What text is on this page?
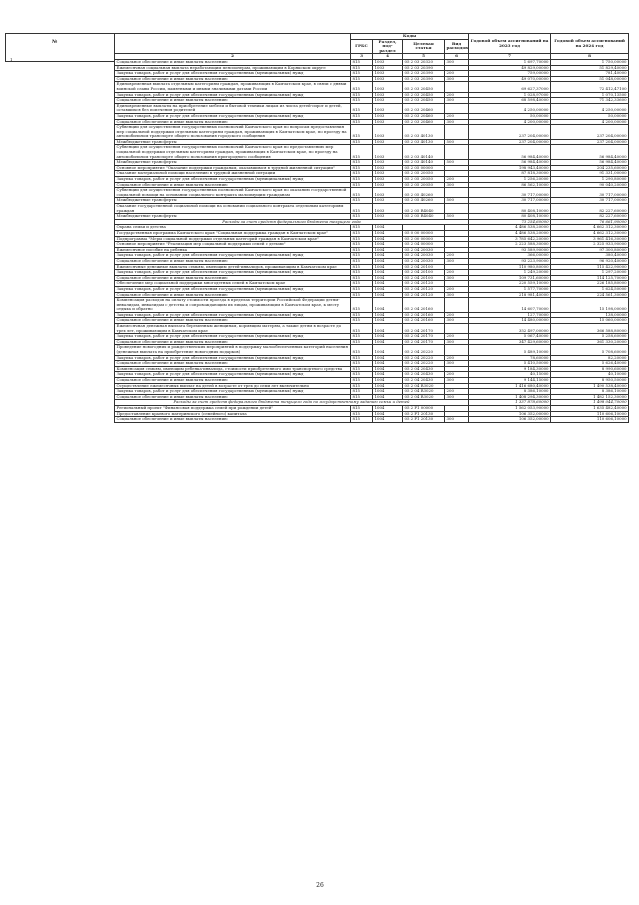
№
1
	Коды				Годовой объем ассигнований на 2023 год	Годовой объем ассигнований на 2024 год
	ГРБС	Раздел, под-раздел	Целевая статья	Вид расходов		
2	3	4	5	6	7	8
Социальное обеспечение и иные выплаты населению	815	1003	05 2 03 20320	300	1 697,70000	1 750,00000
Ежемесячная социальная выплата неработающим пенсионерам, проживающим в Корякском округе	815	1003	05 2 03 20390		49 829,00000	51 829,40000
Закупка товаров, работ и услуг для обеспечения государственных (муниципальных) нужд	815	1003	05 2 03 20390	200	759,00000	781,40000
Социальное обеспечение и иные выплаты населению	815	1003	05 2 03 20390	300	49 070,00000	51 048,00000
Единовременная выплата отдельным категориям граждан, проживающих в Камчатском крае, в связи с днями воинской славы России, памятными и иными значимыми датами России	815	1003	05 2 03 20450		69 627,37000	72 412,47100
Закупка товаров, работ и услуг для обеспечения государственных (муниципальных) нужд	815	1003	05 2 03 20450	200	1 028,97000	1 070,13500
Социальное обеспечение и иные выплаты населению	815	1003	05 2 03 20450	300	68 598,40000	71 342,33600
Единовременные выплаты на приобретение мебели и бытовой техники лицам из числа детей-сирот и детей, оставшихся без попечения родителей	815	1003	05 2 03 20460		4 250,00000	4 250,00000
Закупка товаров, работ и услуг для обеспечения государственных (муниципальных) нужд	815	1003	05 2 03 20460	200	50,00000	50,00000
Социальное обеспечение и иные выплаты населению	815	1003	05 2 03 20460	300	4 200,00000	4 200,00000
Субвенции для осуществления государственных полномочий Камчатского края по вопросам предоставления мер социальной поддержки отдельным категориям граждан, проживающих в Камчатском крае, по проезду на автомобильном транспорте общего пользования городского сообщения	815	1003	05 2 03 40130		237 204,00000	237 204,00000
Межбюджетные трансферты	815	1003	05 2 03 40130	500	237 204,00000	237 204,00000
Субвенции для осуществления государственных полномочий Камчатского края по предоставлению мер социальной поддержки отдельным категориям граждан, проживающих в Камчатском крае, по проезду на автомобильном транспорте общего пользования пригородного сообщения	815	1003	05 2 03 40140		56 984,40000	56 984,40000
Межбюджетные трансферты	815	1003	05 2 03 40140	500	56 984,40000	56 984,40000
Основное мероприятие "Оказание поддержки гражданам, оказавшимся в трудной жизненной ситуации"	815	1003	05 2 05 00000		198 943,40000	204 235,60000
Оказание материальной помощи населению в трудной жизненной ситуации	815	1003	05 2 05 20050		87 818,30000	91 331,00000
Закупка товаров, работ и услуг для обеспечения государственных (муниципальных) нужд	815	1003	05 2 05 20050	200	1 256,20000	1 290,80000
Социальное обеспечение и иные выплаты населению	815	1003	05 2 05 20050	300	86 562,10000	90 040,20000
Субвенции для осуществления государственных полномочий Камчатского края по оказанию государственной социальной помощи на основании социального контракта малоимущим гражданам	815	1003	05 2 05 40260		30 717,00000	30 717,00000
Межбюджетные трансферты	815	1003	05 2 05 40260	500	30 717,00000	30 717,00000
Оказание государственной социальной помощи на основании социального контракта отдельным категориям граждан	815	1003	05 2 05 R4040		80 408,10000	82 227,60000
Межбюджетные трансферты	815	1003	05 2 05 R4040	500	80 408,10000	82 227,60000
Расходы за счет средств федерального бюджета текущего года					73 254,60000	76 661,90000
Охрана семьи и детства	815	1004			4 486 538,20000	4 662 312,30000
Государственная программа Камчатского края "Социальная поддержка граждан в Камчатском крае"	815	1004	05 0 00 00000		4 486 538,20000	4 662 312,30000
Подпрограмма "Меры социальной поддержки отдельных категорий граждан в Камчатском крае"	815	1004	05 2 00 00000		3 785 642,20000	3 961 416,30000
Основное мероприятие "Реализация мер социальной поддержки семей с детьми"	815	1004	05 2 04 00000		2 223 588,30000	2 325 933,90000
Ежемесячное пособие на ребенка	815	1004	05 2 04 20030		93 589,90000	97 300,80000
Закупка товаров, работ и услуг для обеспечения государственных (муниципальных) нужд	815	1004	05 2 04 20030	200	366,00000	380,40000
Социальное обеспечение и иные выплаты населению	815	1004	05 2 04 20030	300	93 223,90000	96 920,40000
Ежемесячные денежные выплаты семьям, имеющим детей-инвалидов, проживающим в Камчатском крае	815	1004	05 2 04 20100		110 980,80000	115 422,90000
Закупка товаров, работ и услуг для обеспечения государственных (муниципальных) нужд	815	1004	05 2 04 20100	200	1 249,20000	1 297,20000
Социальное обеспечение и иные выплаты населению	815	1004	05 2 04 20100	300	109 731,60000	114 125,70000
Обеспечение мер социальной поддержки многодетных семей в Камчатском крае	815	1004	05 2 04 20120		220 559,10000	226 185,80000
Закупка товаров, работ и услуг для обеспечения государственных (муниципальных) нужд	815	1004	05 2 04 20120	200	1 577,70000	1 624,50000
Социальное обеспечение и иные выплаты населению	815	1004	05 2 04 20120	300	218 981,40000	224 561,30000
Компенсация расходов на оплату стоимости проезда в пределах территории Российской Федерации детям-инвалидам, инвалидам с детства и сопровождающим их лицам, проживающим в Камчатском крае, к месту отдыха и обратно	815	1004	05 2 04 20160		14 607,70000	15 198,00000
Закупка товаров, работ и услуг для обеспечения государственных (муниципальных) нужд	815	1004	05 2 04 20160	200	127,70000	138,00000
Социальное обеспечение и иные выплаты населению	815	1004	05 2 04 20160	300	14 480,00000	15 060,00000
Ежемесячная денежная выплата беременным женщинам, кормящим матерям, а также детям в возрасте до трех лет, проживающим в Камчатском крае	815	1004	05 2 04 20170		352 497,00000	366 588,80000
Закупка товаров, работ и услуг для обеспечения государственных (муниципальных) нужд	815	1004	05 2 04 20170	200	5 067,40000	5 258,60000
Социальное обеспечение и иные выплаты населению	815	1004	05 2 04 20170	300	347 429,60000	361 330,20000
Проведение новогодних и рождественских мероприятий в поддержку малообеспеченных категорий населения (денежная выплата на приобретение новогодних подарков)	815	1004	05 2 04 20220		5 489,10000	5 708,60000
Закупка товаров, работ и услуг для обеспечения государственных (муниципальных) нужд	815	1004	05 2 04 20220	200	78,60000	82,20000
Социальное обеспечение и иные выплаты населению	815	1004	05 2 04 20220	300	5 410,50000	5 626,40000
Компенсация семьям, имеющим ребенка-инвалида, стоимости приобретенного ими транспортного средства	815	1004	05 2 04 20430		9 184,30000	8 990,60000
Закупка товаров, работ и услуг для обеспечения государственных (муниципальных) нужд	815	1004	05 2 04 20430	200	40,15000	40,10000
Социальное обеспечение и иные выплаты населению	815	1004	05 2 04 20430	300	9 144,15000	8 950,50000
Осуществление ежемесячных выплат на детей в возрасте от трех до семи лет включительно	815	1004	05 2 04 R3020		1 416 680,40000	1 490 538,40000
Закупка товаров, работ и услуг для обеспечения государственных (муниципальных) нужд	815	1004	05 2 04 R3020	200	8 386,10000	8 386,10000
Социальное обеспечение и иные выплаты населению	815	1004	05 2 04 R3020	300	1 408 294,30000	1 482 152,30000
Расходы за счет средств федерального бюджета текущего года по государственному заданию семьи и детей					1 337 878,60000	1 498 044,70000
Региональный проект "Финансовая поддержка семей при рождении детей"	815	1004	05 2 P1 00000		1 562 053,90000	1 635 482,40000
Предоставление краевого материнского (семейного) капитала	815	1004	05 2 P1 20130		106 352,00000	110 606,10000
Социальное обеспечение и иные выплаты населению	815	1004	05 2 P1 20130	300	106 352,00000	110 606,10000
26
